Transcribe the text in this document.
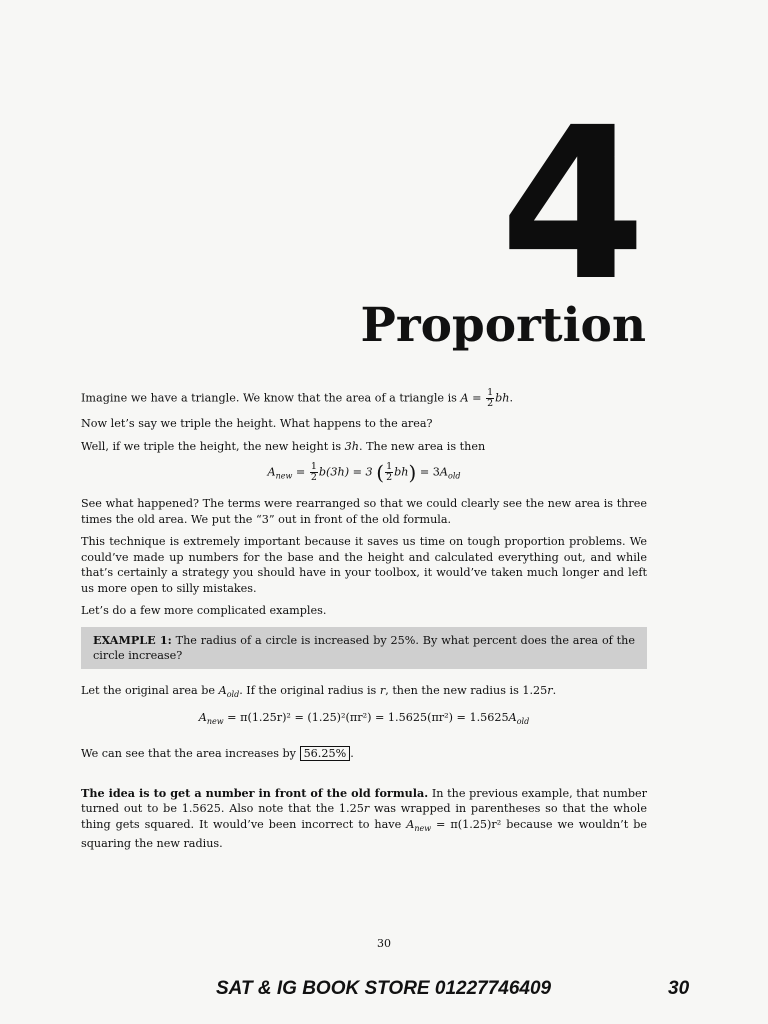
4
Proportion

Imagine we have a triangle. We know that the area of a triangle is $A = \frac{1}{2}$ bh.

Now let’s say we triple the height. What happens to the area?

Well, if we triple the height, the new height is 3h. The new area is then

$A_{new} = \frac{1}{2} b(3h) = 3$ ( $\frac{1}{2} bh) = 3A_{old}$

See what happened? The terms were rearranged so that we could clearly see the new area is three times the old area. We put the “3” out in front of the old formula.

This technique is extremely important because it saves us time on tough proportion problems. We could’ve made up numbers for the base and the height and calculated everything out, and while that’s certainly a strategy you should have in your toolbox, it would’ve taken much longer and left us more open to silly mistakes.

Let’s do a few more complicated examples.

EXAMPLE 1: The radius of a circle is increased by 25%. By what percent does the area of the circle increase?

Let the original area be $A_{old}$. If the original radius is r, then the new radius is 1.25r.

$A_{new} = \pi(1.25r)^2 = (1.25)^2(\pi r^2) = 1.5625(\pi r^2) = 1.5625A_{old}$

We can see that the area increases by 56.25% .

The idea is to get a number in front of the old formula. In the previous example, that number turned out to be 1.5625. Also note that the 1.25r was wrapped in parentheses so that the whole thing gets squared. It would’ve been incorrect to have $A_{new} = \pi(1.25)r^2$ because we wouldn’t be squaring the new radius.

30
SAT & IG BOOK STORE 01227746409	30
